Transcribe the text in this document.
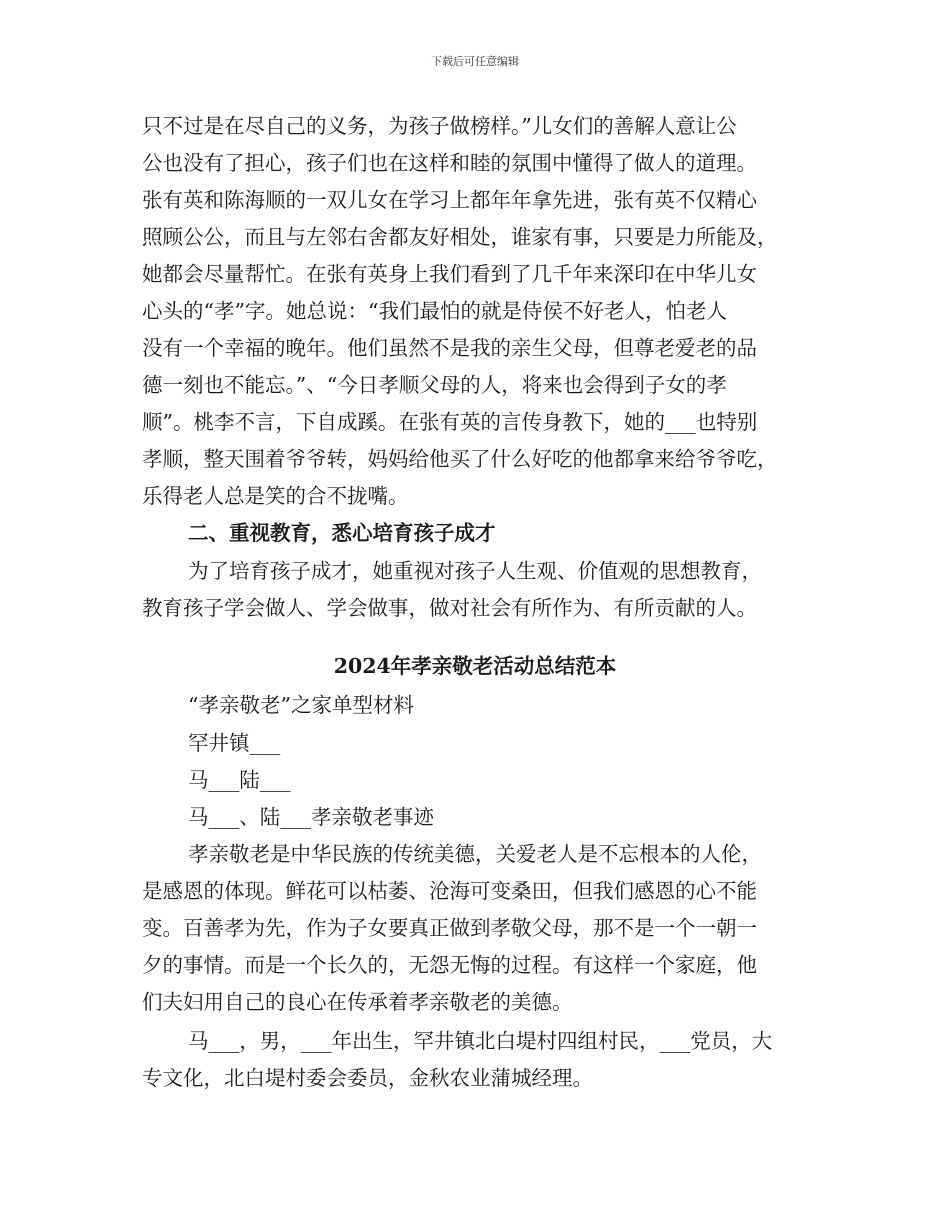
下载后可任意编辑
只不过是在尽自己的义务，为孩子做榜样。”儿女们的善解人意让公
公也没有了担心，孩子们也在这样和睦的氛围中懂得了做人的道理。
张有英和陈海顺的一双儿女在学习上都年年拿先进，张有英不仅精心
照顾公公，而且与左邻右舍都友好相处，谁家有事，只要是力所能及，
她都会尽量帮忙。在张有英身上我们看到了几千年来深印在中华儿女
心头的“孝”字。她总说：“我们最怕的就是侍侯不好老人，怕老人
没有一个幸福的晚年。他们虽然不是我的亲生父母，但尊老爱老的品
德一刻也不能忘。”、“今日孝顺父母的人，将来也会得到子女的孝
顺”。桃李不言，下自成蹊。在张有英的言传身教下，她的___也特别
孝顺，整天围着爷爷转，妈妈给他买了什么好吃的他都拿来给爷爷吃，
乐得老人总是笑的合不拢嘴。
二、重视教育，悉心培育孩子成才
为了培育孩子成才，她重视对孩子人生观、价值观的思想教育，
教育孩子学会做人、学会做事，做对社会有所作为、有所贡献的人。
2024年孝亲敬老活动总结范本
“孝亲敬老”之家单型材料
罕井镇___
马___陆___
马___、陆___孝亲敬老事迹
孝亲敬老是中华民族的传统美德，关爱老人是不忘根本的人伦，
是感恩的体现。鲜花可以枯萎、沧海可变桑田，但我们感恩的心不能
变。百善孝为先，作为子女要真正做到孝敬父母，那不是一个一朝一
夕的事情。而是一个长久的，无怨无悔的过程。有这样一个家庭，他
们夫妇用自己的良心在传承着孝亲敬老的美德。
马___，男，___年出生，罕井镇北白堤村四组村民，___党员，大
专文化，北白堤村委会委员，金秋农业蒲城经理。
